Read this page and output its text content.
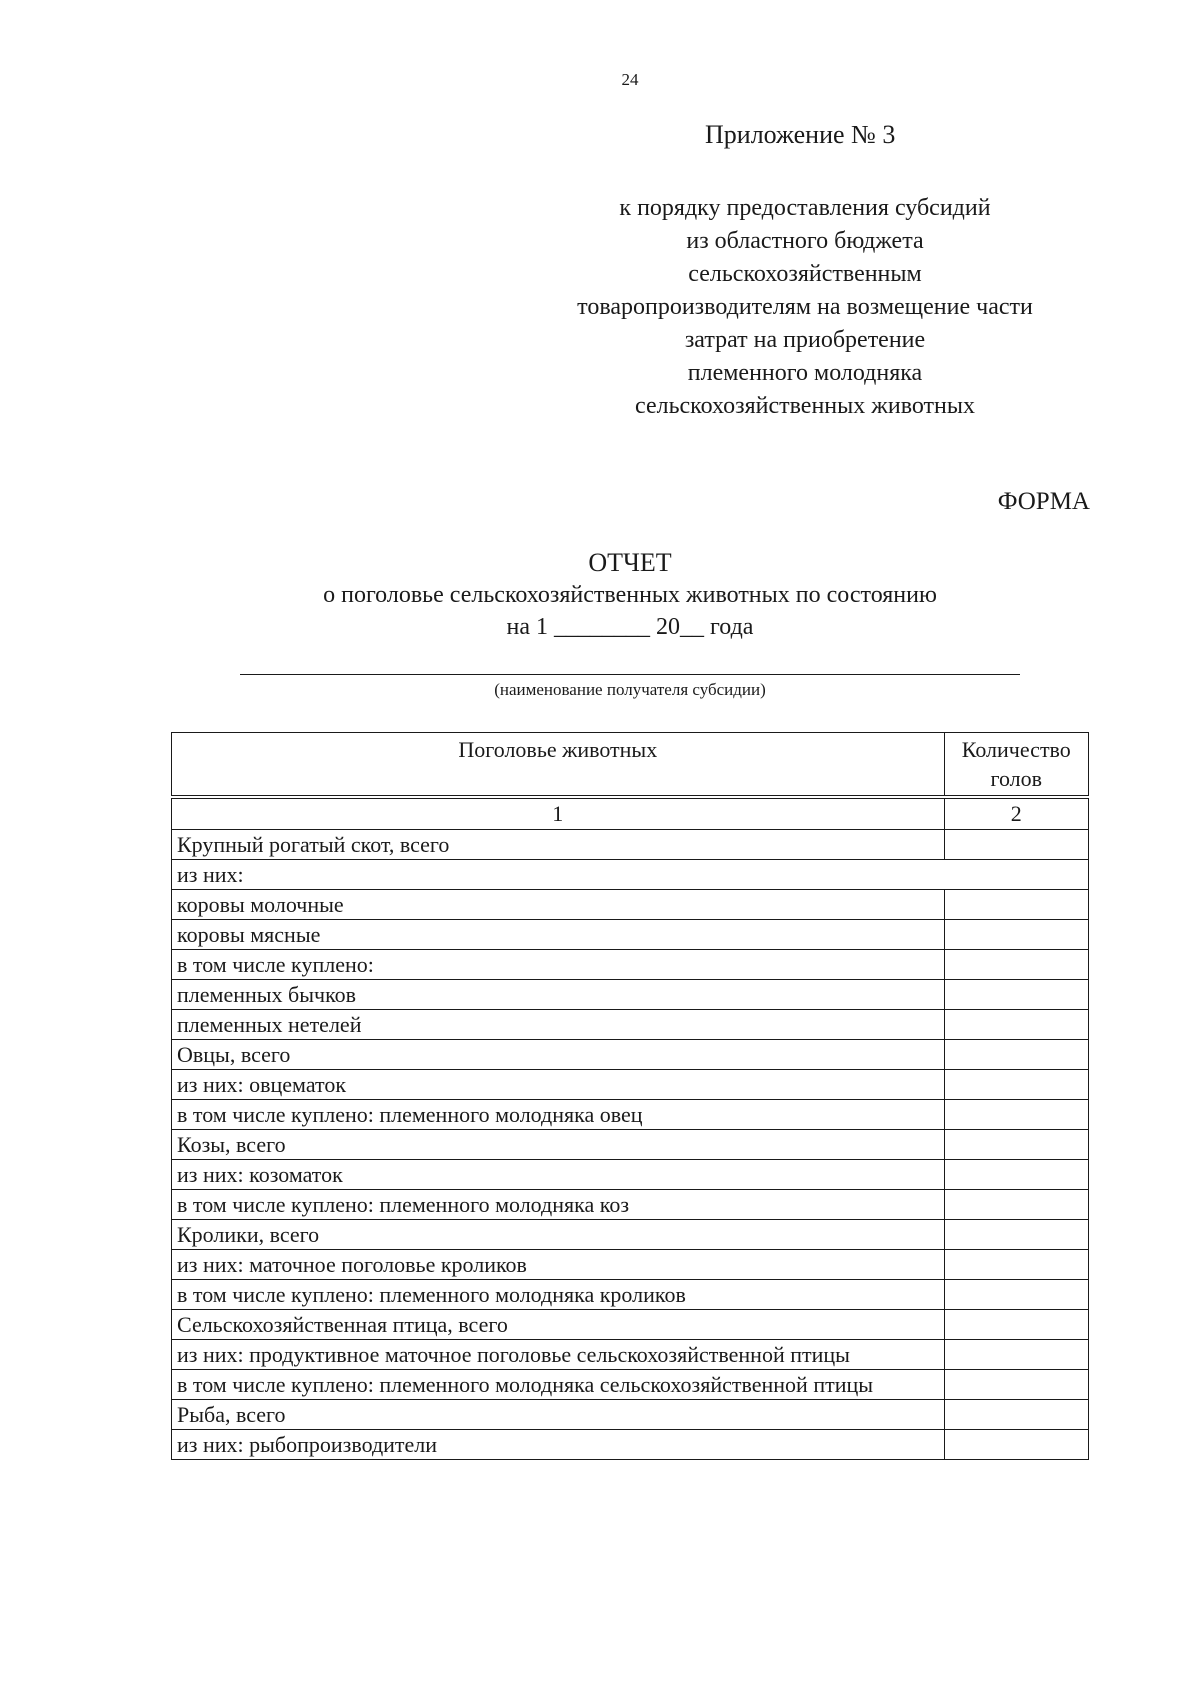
24
Приложение № 3
к порядку предоставления субсидий
из областного бюджета
сельскохозяйственным
товаропроизводителям на возмещение части
затрат на приобретение
племенного молодняка
сельскохозяйственных животных
ФОРМА
ОТЧЕТ
о поголовье сельскохозяйственных животных по состоянию
на 1 ________ 20__ года
(наименование получателя субсидии)
Поголовье животных	Количество голов
1	2
Крупный рогатый скот, всего	
из них:	
коровы молочные	
коровы мясные	
в том числе куплено:	
племенных бычков	
племенных нетелей	
Овцы, всего	
из них: овцематок	
в том числе куплено: племенного молодняка овец	
Козы, всего	
из них: козоматок	
в том числе куплено: племенного молодняка коз	
Кролики, всего	
из них: маточное поголовье кроликов	
в том числе куплено: племенного молодняка кроликов	
Сельскохозяйственная птица, всего	
из них: продуктивное маточное поголовье сельскохозяйственной птицы	
в том числе куплено: племенного молодняка сельскохозяйственной птицы	
Рыба, всего	
из них: рыбопроизводители	
